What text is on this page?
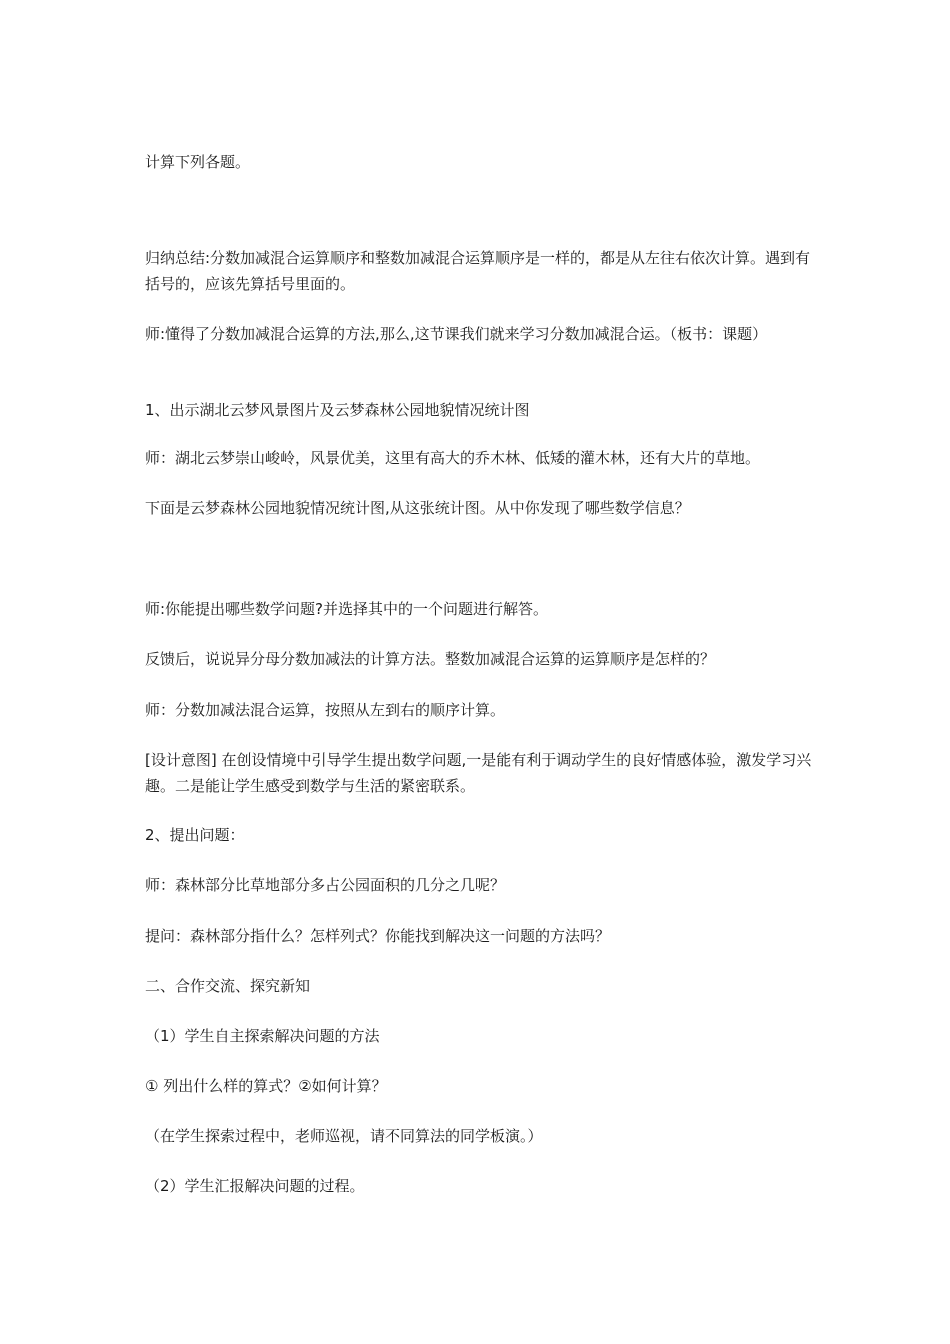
计算下列各题。

归纳总结:分数加减混合运算顺序和整数加减混合运算顺序是一样的，都是从左往右依次计算。遇到有括号的，应该先算括号里面的。

师:懂得了分数加减混合运算的方法,那么,这节课我们就来学习分数加减混合运。（板书：课题）

1、出示湖北云梦风景图片及云梦森林公园地貌情况统计图

师：湖北云梦崇山峻岭，风景优美，这里有高大的乔木林、低矮的灌木林，还有大片的草地。

下面是云梦森林公园地貌情况统计图,从这张统计图。从中你发现了哪些数学信息？

师:你能提出哪些数学问题?并选择其中的一个问题进行解答。

反馈后，说说异分母分数加减法的计算方法。整数加减混合运算的运算顺序是怎样的？

师：分数加减法混合运算，按照从左到右的顺序计算。

[设计意图] 在创设情境中引导学生提出数学问题,一是能有利于调动学生的良好情感体验，激发学习兴趣。二是能让学生感受到数学与生活的紧密联系。

2、提出问题：

师：森林部分比草地部分多占公园面积的几分之几呢？

提问：森林部分指什么？怎样列式？你能找到解决这一问题的方法吗？

二、合作交流、探究新知

（1）学生自主探索解决问题的方法

① 列出什么样的算式？②如何计算？

（在学生探索过程中，老师巡视，请不同算法的同学板演。）

（2）学生汇报解决问题的过程。
